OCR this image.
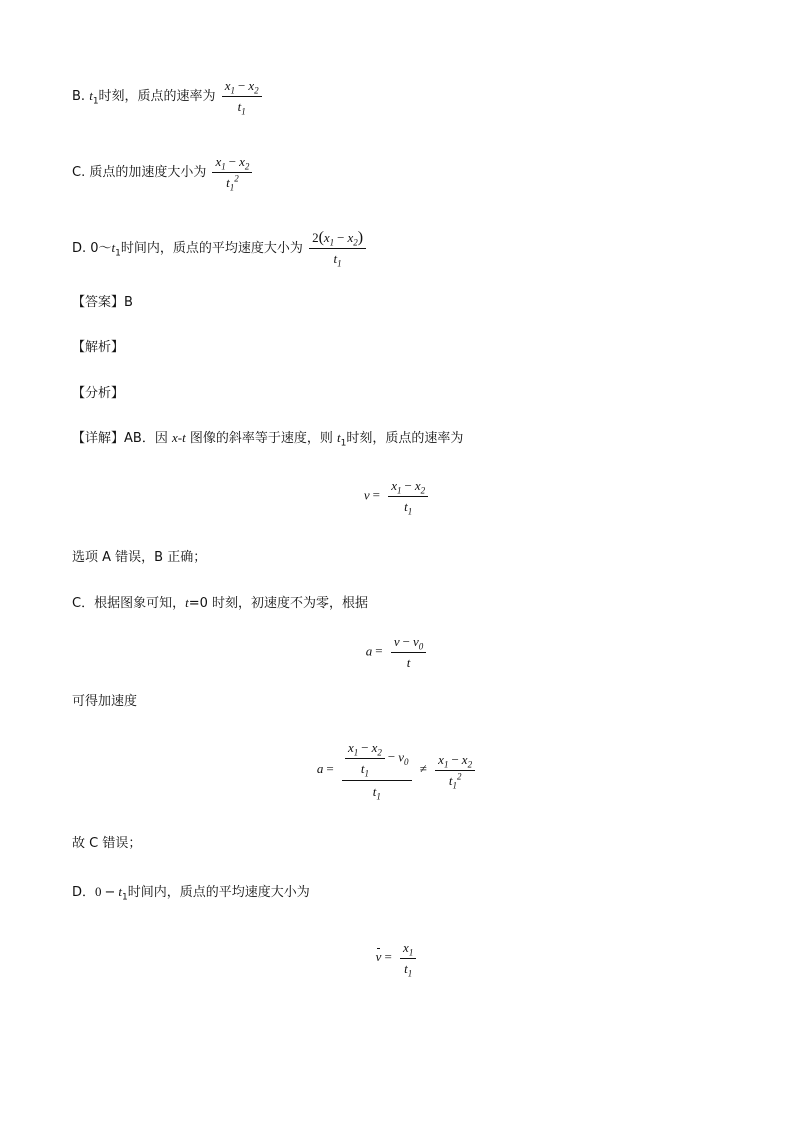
B. $t_1$时刻，质点的速率为 $\frac{x_1 - x_2}{t_1}$
C. 质点的加速度大小为 $\frac{x_1 - x_2}{t_1^2}$
D. $0\sim t_1$时间内，质点的平均速度大小为 $\frac{2(x_1 - x_2)}{t_1}$
【答案】B
【解析】
【分析】
【详解】AB．因 x-t 图像的斜率等于速度，则 $t_1$时刻，质点的速率为
$v = \frac{x_1 - x_2}{t_1}$
选项 A 错误，B 正确；
C．根据图象可知，t=0 时刻，初速度不为零，根据
$a = \frac{v - v_0}{t}$
可得加速度
$a = \frac{\frac{x_1 - x_2}{t_1} - v_0}{t_1} \ne \frac{x_1 - x_2}{t_1^2}$
故 C 错误；
D．$0 - t_1$时间内，质点的平均速度大小为
$v = \frac{x_1}{t_1}$
